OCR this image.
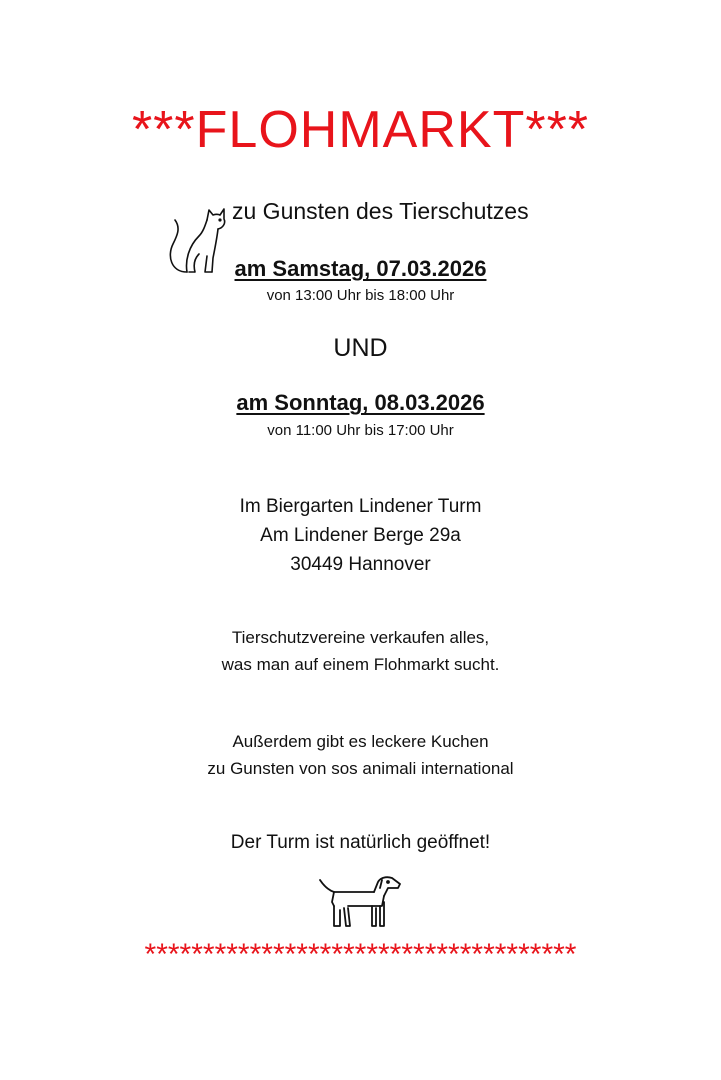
***FLOHMARKT***
zu Gunsten des Tierschutzes
am Samstag, 07.03.2026
von 13:00 Uhr bis 18:00 Uhr
UND
am Sonntag, 08.03.2026
von 11:00 Uhr bis 17:00 Uhr
Im Biergarten Lindener Turm
Am Lindener Berge 29a
30449 Hannover
Tierschutzvereine verkaufen alles,
was man auf einem Flohmarkt sucht.
Außerdem gibt es leckere Kuchen
zu Gunsten von sos animali international
Der Turm ist natürlich geöffnet!
*************************************
